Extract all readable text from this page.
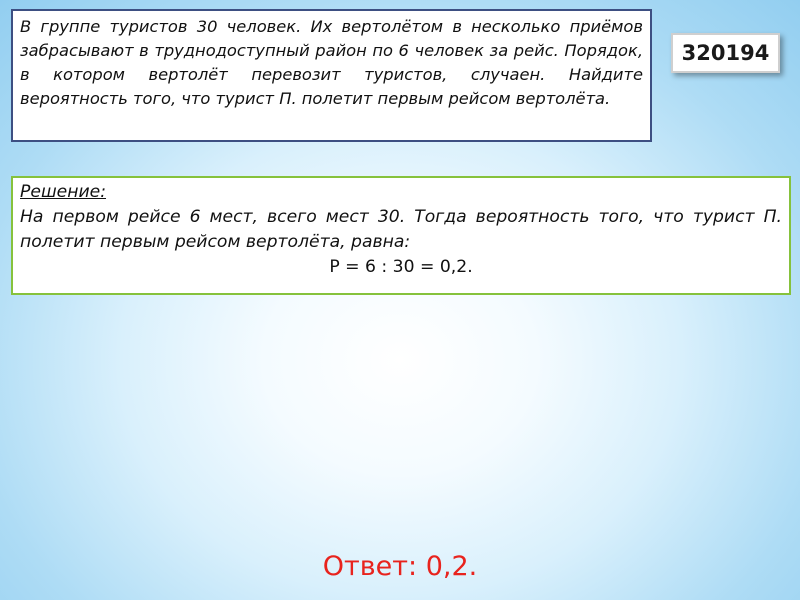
В группе туристов 30 человек. Их вертолётом в несколько приёмов забрасывают в труднодоступный район по 6 человек за рейс. Порядок, в котором вертолёт перевозит туристов, случаен. Найдите вероятность того, что турист П. полетит первым рейсом вертолёта.

320194

Решение:
На первом рейсе 6 мест, всего мест 30. Тогда вероятность того, что турист П. полетит первым рейсом вертолёта, равна:
P = 6 : 30 = 0,2.

Ответ: 0,2.
